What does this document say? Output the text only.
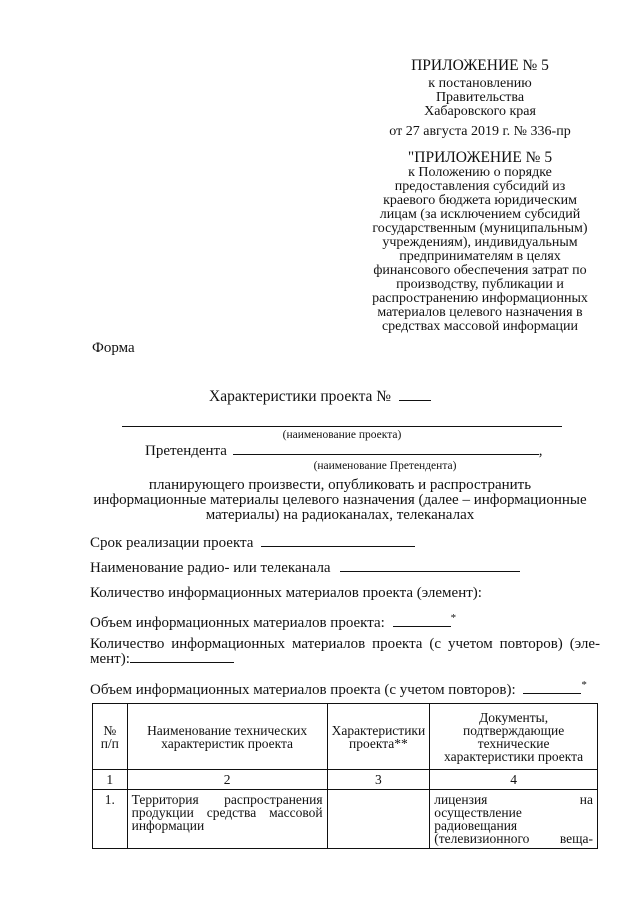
ПРИЛОЖЕНИЕ № 5
к постановлению
Правительства
Хабаровского края
от 27 августа 2019 г. № 336-пр
"ПРИЛОЖЕНИЕ № 5
к Положению о порядке
предоставления субсидий из
краевого бюджета юридическим
лицам (за исключением субсидий
государственным (муниципальным)
учреждениям), индивидуальным
предпринимателям в целях
финансового обеспечения затрат по
производству, публикации и
распространению информационных
материалов целевого назначения в
средствах массовой информации
Форма
Характеристики проекта №
(наименование проекта)
Претендента	,
(наименование Претендента)
планирующего произвести, опубликовать и распространить
информационные материалы целевого назначения (далее – информационные
материалы) на радиоканалах, телеканалах
Срок реализации проекта
Наименование радио- или телеканала
Количество информационных материалов проекта (элемент):
Объем информационных материалов проекта:	*
Количество информационных материалов проекта (с учетом повторов) (эле-
мент):
Объем информационных материалов проекта (с учетом повторов):	*
№ п/п	Наименование технических характеристик проекта	Характеристики проекта**	Документы, подтверждающие технические характеристики проекта
1	2	3	4
1.	Территория распространения продукции средства массовой информации		лицензия на осуществление радиовещания (телевизионного веща-
